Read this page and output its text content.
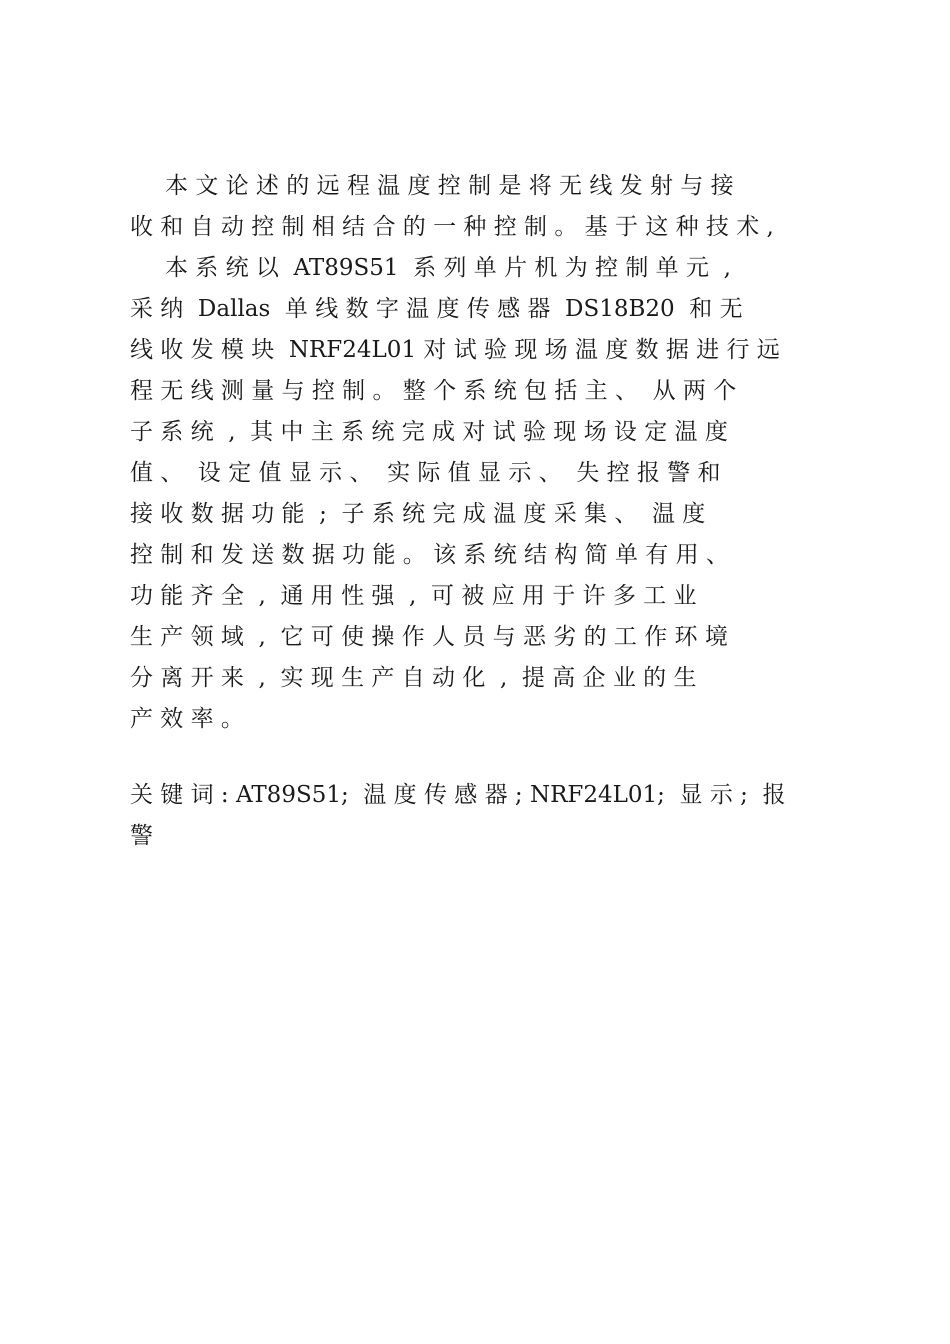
本 文 论 述 的 远 程 温 度 控 制 是 将 无 线 发 射 与 接
收 和 自 动 控 制 相 结 合 的 一 种 控 制 。 基 于 这 种 技 术 ,
本 系 统 以  AT89S51  系 列 单 片 机 为 控 制 单 元  ,
采 纳  Dallas  单 线 数 字 温 度 传 感 器  DS18B20  和 无
线 收 发 模 块  NRF24L01 对 试 验 现 场 温 度 数 据 进 行 远
程 无 线 测 量 与 控 制 。 整 个 系 统 包 括 主 、  从 两 个
子 系 统  ,  其 中 主 系 统 完 成 对 试 验 现 场 设 定 温 度
值 、  设 定 值 显 示 、  实 际 值 显 示 、  失 控 报 警 和
接 收 数 据 功 能  ;  子 系 统 完 成 温 度 采 集 、  温 度
控 制 和 发 送 数 据 功 能 。 该 系 统 结 构 简 单 有 用 、
功 能 齐 全  ,  通 用 性 强  ,  可 被 应 用 于 许 多 工 业
生 产 领 域  ,  它 可 使 操 作 人 员 与 恶 劣 的 工 作 环 境
分 离 开 来  ,  实 现 生 产 自 动 化  ,  提 高 企 业 的 生
产 效 率 。
关 键 词 : AT89S51;  温 度 传 感 器 ; NRF24L01;  显 示 ;  报
警
